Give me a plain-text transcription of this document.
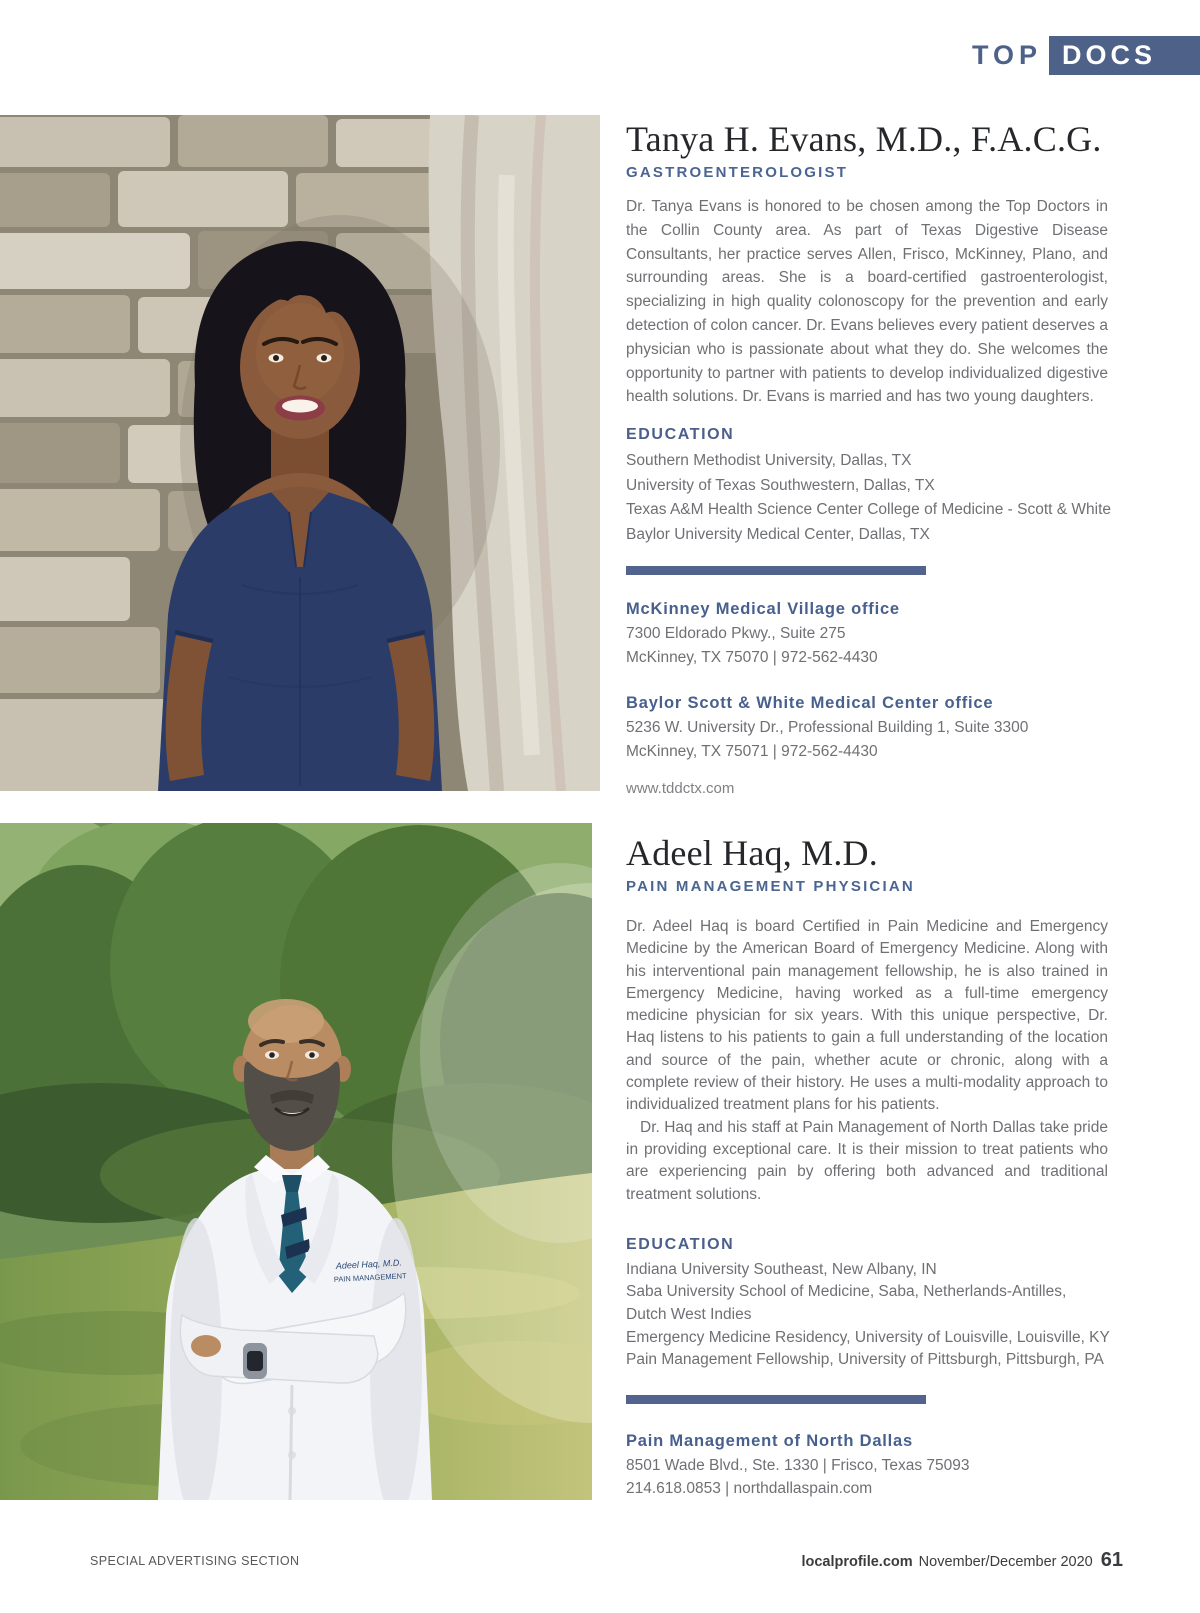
TOP DOCS
Tanya H. Evans, M.D., F.A.C.G.
GASTROENTEROLOGIST

Dr. Tanya Evans is honored to be chosen among the Top Doctors in the Collin County area. As part of Texas Digestive Disease Consultants, her practice serves Allen, Frisco, McKinney, Plano, and surrounding areas. She is a board-certified gastroenterologist, specializing in high quality colonoscopy for the prevention and early detection of colon cancer. Dr. Evans believes every patient deserves a physician who is passionate about what they do. She welcomes the opportunity to partner with patients to develop individualized digestive health solutions. Dr. Evans is married and has two young daughters.

EDUCATION
Southern Methodist University, Dallas, TX
University of Texas Southwestern, Dallas, TX
Texas A&M Health Science Center College of Medicine - Scott & White
Baylor University Medical Center, Dallas, TX
McKinney Medical Village office
7300 Eldorado Pkwy., Suite 275
McKinney, TX 75070 | 972-562-4430
Baylor Scott & White Medical Center office
5236 W. University Dr., Professional Building 1, Suite 3300
McKinney, TX 75071 | 972-562-4430
www.tddctx.com
Adeel Haq, M.D.
PAIN MANAGEMENT
Adeel Haq, M.D.
PAIN MANAGEMENT PHYSICIAN

Dr. Adeel Haq is board Certified in Pain Medicine and Emergency Medicine by the American Board of Emergency Medicine. Along with his interventional pain management fellowship, he is also trained in Emergency Medicine, having worked as a full-time emergency medicine physician for six years. With this unique perspective, Dr. Haq listens to his patients to gain a full understanding of the location and source of the pain, whether acute or chronic, along with a complete review of their history. He uses a multi-modality approach to individualized treatment plans for his patients.

Dr. Haq and his staff at Pain Management of North Dallas take pride in providing exceptional care. It is their mission to treat patients who are experiencing pain by offering both advanced and traditional treatment solutions.

EDUCATION
Indiana University Southeast, New Albany, IN
Saba University School of Medicine, Saba, Netherlands-Antilles,
Dutch West Indies
Emergency Medicine Residency, University of Louisville, Louisville, KY
Pain Management Fellowship, University of Pittsburgh, Pittsburgh, PA
Pain Management of North Dallas
8501 Wade Blvd., Ste. 1330 | Frisco, Texas 75093
214.618.0853 | northdallaspain.com
SPECIAL ADVERTISING SECTION	localprofile.com November/December 2020 61
